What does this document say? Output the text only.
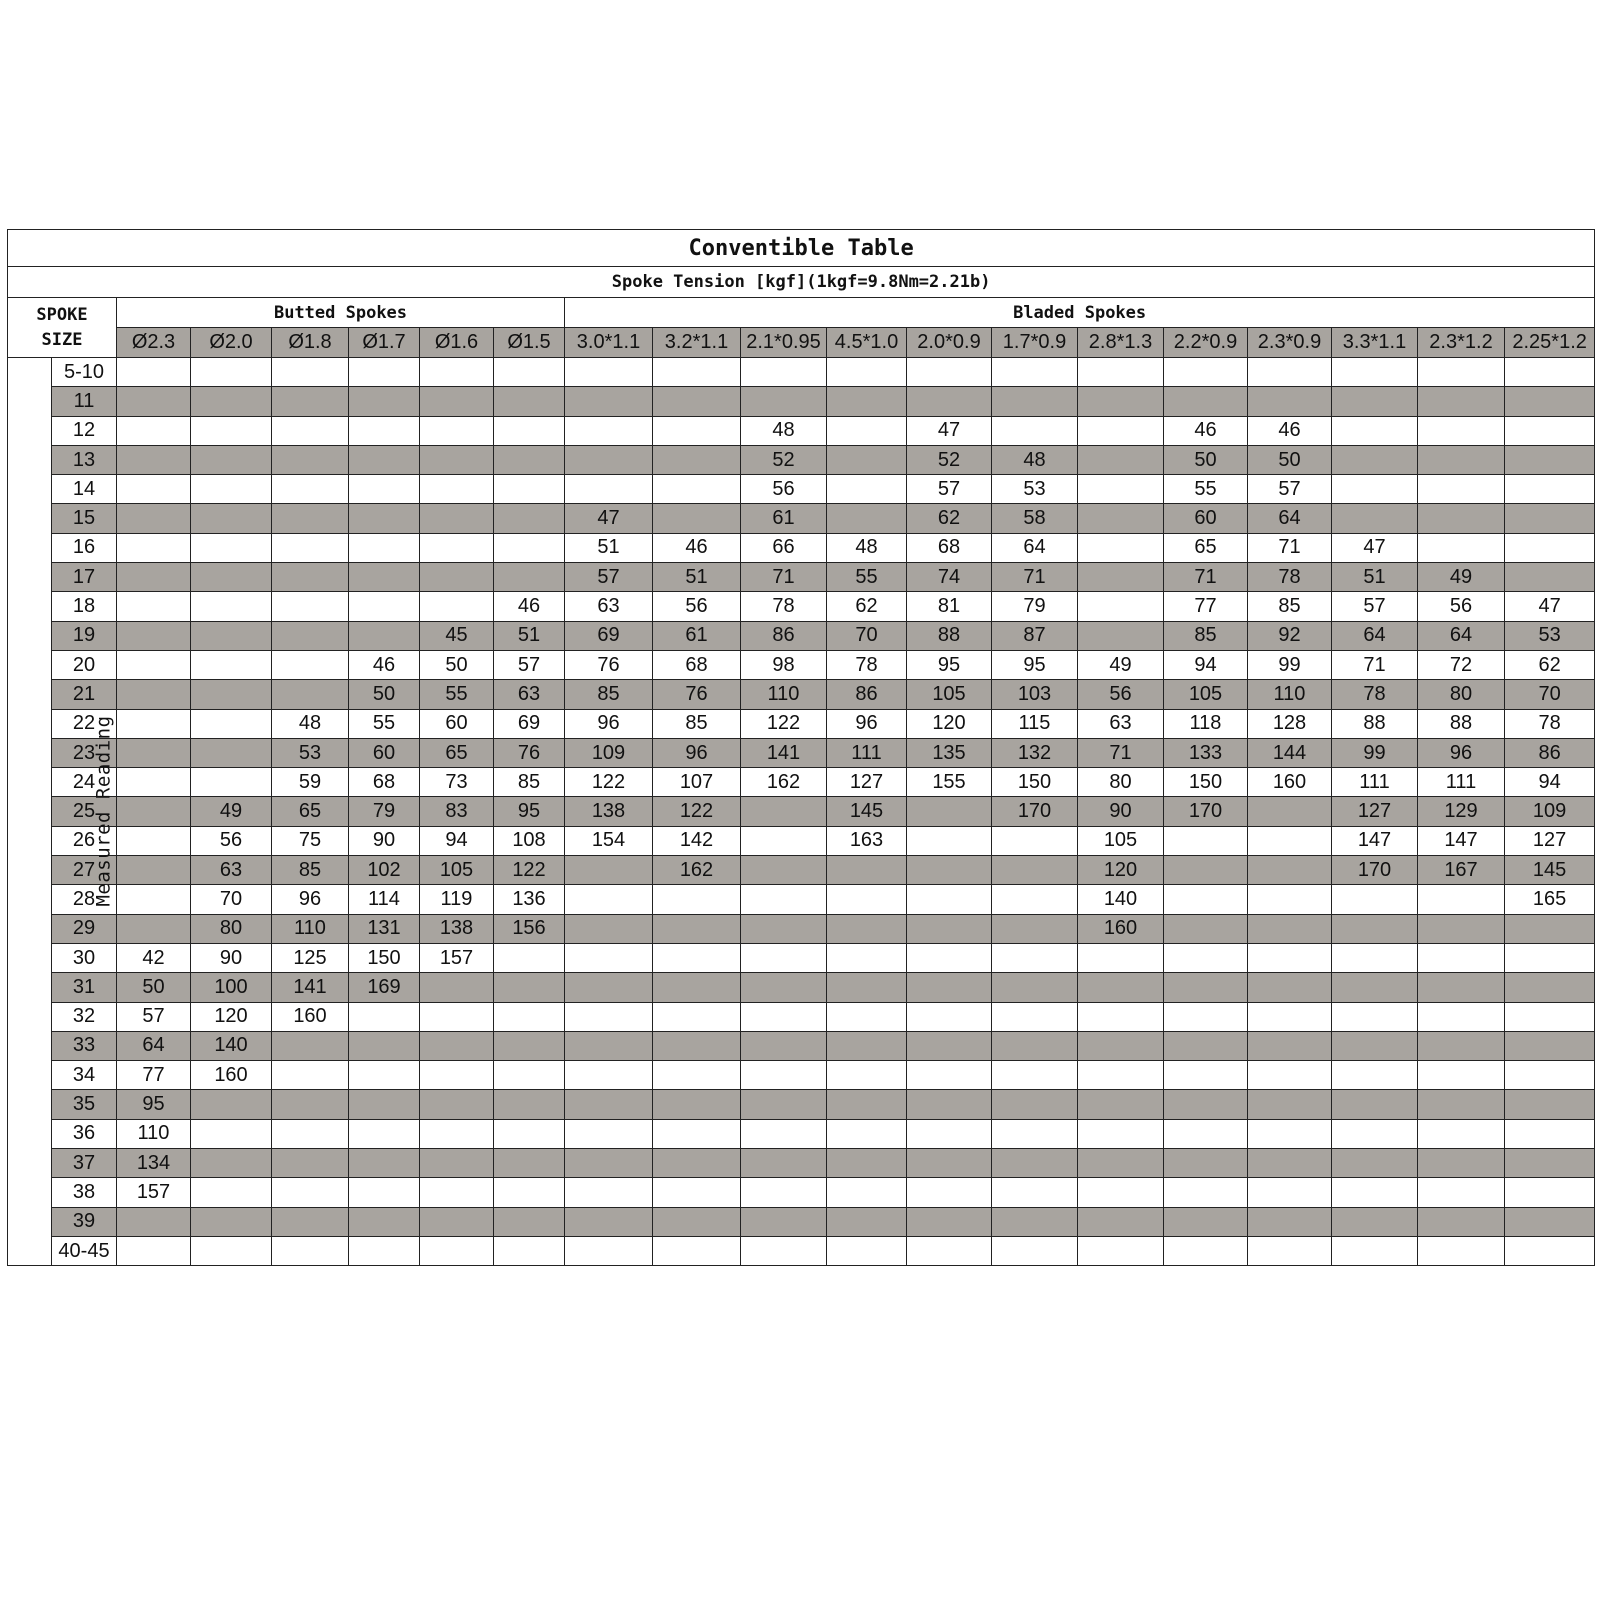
Conventible Table																			
Spoke Tension [kgf](1kgf=9.8Nm=2.21b)																			
SPOKE
SIZE		Butted Spokes						Bladed Spokes											
		Ø2.3	Ø2.0	Ø1.8	Ø1.7	Ø1.6	Ø1.5	3.0*1.1	3.2*1.1	2.1*0.95	4.5*1.0	2.0*0.9	1.7*0.9	2.8*1.3	2.2*0.9	2.3*0.9	3.3*1.1	2.3*1.2	2.25*1.2
Measured Reading	5-10																		
	11																		
	12									48		47			46	46			
	13									52		52	48		50	50			
	14									56		57	53		55	57			
	15							47		61		62	58		60	64			
	16							51	46	66	48	68	64		65	71	47		
	17							57	51	71	55	74	71		71	78	51	49	
	18						46	63	56	78	62	81	79		77	85	57	56	47
	19					45	51	69	61	86	70	88	87		85	92	64	64	53
	20				46	50	57	76	68	98	78	95	95	49	94	99	71	72	62
	21				50	55	63	85	76	110	86	105	103	56	105	110	78	80	70
	22			48	55	60	69	96	85	122	96	120	115	63	118	128	88	88	78
	23			53	60	65	76	109	96	141	111	135	132	71	133	144	99	96	86
	24			59	68	73	85	122	107	162	127	155	150	80	150	160	111	111	94
	25		49	65	79	83	95	138	122		145		170	90	170		127	129	109
	26		56	75	90	94	108	154	142		163			105			147	147	127
	27		63	85	102	105	122		162					120			170	167	145
	28		70	96	114	119	136							140					165
	29		80	110	131	138	156							160					
	30	42	90	125	150	157													
	31	50	100	141	169														
	32	57	120	160															
	33	64	140																
	34	77	160																
	35	95																	
	36	110																	
	37	134																	
	38	157																	
	39																		
	40-45																		
